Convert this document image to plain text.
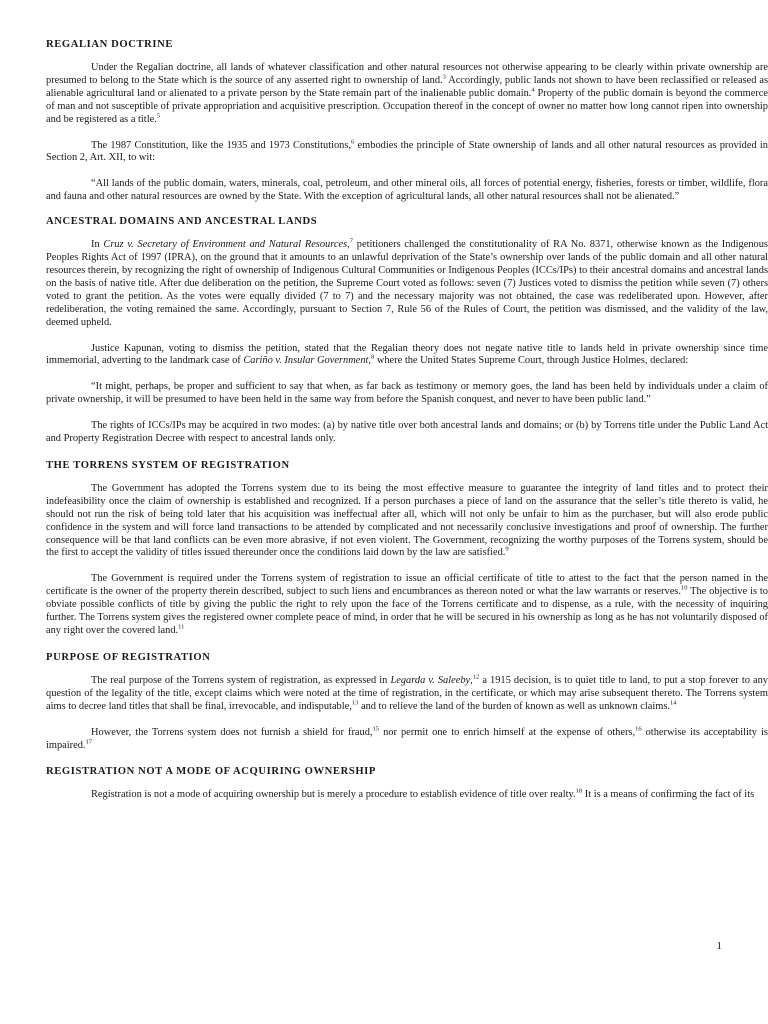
REGALIAN DOCTRINE

Under the Regalian doctrine, all lands of whatever classification and other natural resources not otherwise appearing to be clearly within private ownership are presumed to belong to the State which is the source of any asserted right to ownership of land.$^3$ Accordingly, public lands not shown to have been reclassified or released as alienable agricultural land or alienated to a private person by the State remain part of the inalienable public domain.$^4$ Property of the public domain is beyond the commerce of man and not susceptible of private appropriation and acquisitive prescription. Occupation thereof in the concept of owner no matter how long cannot ripen into ownership and be registered as a title.$^5$

The 1987 Constitution, like the 1935 and 1973 Constitutions,$^6$ embodies the principle of State ownership of lands and all other natural resources as provided in Section 2, Art. XII, to wit:

“All lands of the public domain, waters, minerals, coal, petroleum, and other mineral oils, all forces of potential energy, fisheries, forests or timber, wildlife, flora and fauna and other natural resources are owned by the State. With the exception of agricultural lands, all other natural resources shall not be alienated.”

ANCESTRAL DOMAINS AND ANCESTRAL LANDS

In Cruz v. Secretary of Environment and Natural Resources,$^7$ petitioners challenged the constitutionality of RA No. 8371, otherwise known as the Indigenous Peoples Rights Act of 1997 (IPRA), on the ground that it amounts to an unlawful deprivation of the State’s ownership over lands of the public domain and all other natural resources therein, by recognizing the right of ownership of Indigenous Cultural Communities or Indigenous Peoples (ICCs/IPs) to their ancestral domains and ancestral lands on the basis of native title. After due deliberation on the petition, the Supreme Court voted as follows: seven (7) Justices voted to dismiss the petition while seven (7) others voted to grant the petition. As the votes were equally divided (7 to 7) and the necessary majority was not obtained, the case was redeliberated upon. However, after redeliberation, the voting remained the same. Accordingly, pursuant to Section 7, Rule 56 of the Rules of Court, the petition was dismissed, and the validity of the law, deemed upheld.

Justice Kapunan, voting to dismiss the petition, stated that the Regalian theory does not negate native title to lands held in private ownership since time immemorial, adverting to the landmark case of Cariño v. Insular Government,$^8$ where the United States Supreme Court, through Justice Holmes, declared:

“It might, perhaps, be proper and sufficient to say that when, as far back as testimony or memory goes, the land has been held by individuals under a claim of private ownership, it will be presumed to have been held in the same way from before the Spanish conquest, and never to have been public land.”

The rights of ICCs/IPs may be acquired in two modes: (a) by native title over both ancestral lands and domains; or (b) by Torrens title under the Public Land Act and Property Registration Decree with respect to ancestral lands only.

THE TORRENS SYSTEM OF REGISTRATION

The Government has adopted the Torrens system due to its being the most effective measure to guarantee the integrity of land titles and to protect their indefeasibility once the claim of ownership is established and recognized. If a person purchases a piece of land on the assurance that the seller’s title thereto is valid, he should not run the risk of being told later that his acquisition was ineffectual after all, which will not only be unfair to him as the purchaser, but will also erode public confidence in the system and will force land transactions to be attended by complicated and not necessarily conclusive investigations and proof of ownership. The further consequence will be that land conflicts can be even more abrasive, if not even violent. The Government, recognizing the worthy purposes of the Torrens system, should be the first to accept the validity of titles issued thereunder once the conditions laid down by the law are satisfied.$^9$

The Government is required under the Torrens system of registration to issue an official certificate of title to attest to the fact that the person named in the certificate is the owner of the property therein described, subject to such liens and encumbrances as thereon noted or what the law warrants or reserves.$^{10}$ The objective is to obviate possible conflicts of title by giving the public the right to rely upon the face of the Torrens certificate and to dispense, as a rule, with the necessity of inquiring further. The Torrens system gives the registered owner complete peace of mind, in order that he will be secured in his ownership as long as he has not voluntarily disposed of any right over the covered land.$^{11}$

PURPOSE OF REGISTRATION

The real purpose of the Torrens system of registration, as expressed in Legarda v. Saleeby,$^{12}$ a 1915 decision, is to quiet title to land, to put a stop forever to any question of the legality of the title, except claims which were noted at the time of registration, in the certificate, or which may arise subsequent thereto. The Torrens system aims to decree land titles that shall be final, irrevocable, and indisputable,$^{13}$ and to relieve the land of the burden of known as well as unknown claims.$^{14}$

However, the Torrens system does not furnish a shield for fraud,$^{15}$ nor permit one to enrich himself at the expense of others,$^{16}$ otherwise its acceptability is impaired.$^{17}$

REGISTRATION NOT A MODE OF ACQUIRING OWNERSHIP

Registration is not a mode of acquiring ownership but is merely a procedure to establish evidence of title over realty.$^{18}$ It is a means of confirming the fact of its

1
